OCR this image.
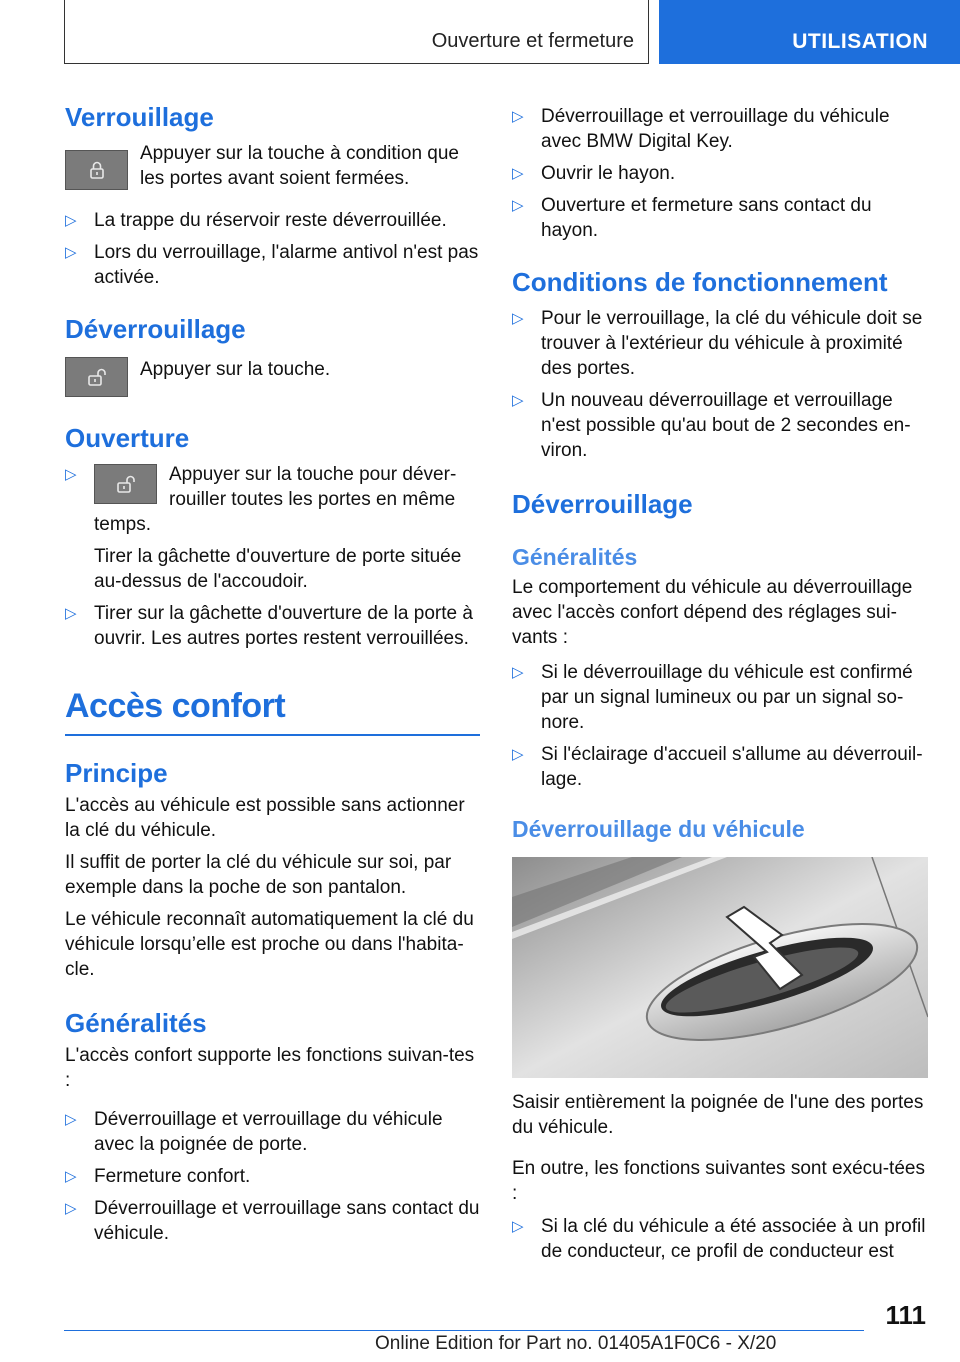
Ouverture et fermeture	UTILISATION
Verrouillage

Appuyer sur la touche à condition que les portes avant soient fermées.

▷ La trappe du réservoir reste déverrouillée.
▷ Lors du verrouillage, l'alarme antivol n'est pas activée.
Déverrouillage

Appuyer sur la touche.

Ouverture
▷	Appuyer sur la touche pour déver-rouiller toutes les portes en même temps.
Tirer la gâchette d'ouverture de porte située au-dessus de l'accoudoir.
▷ Tirer sur la gâchette d'ouverture de la porte à ouvrir. Les autres portes restent verrouillées.
Accès confort
Principe

L'accès au véhicule est possible sans actionner la clé du véhicule.

Il suffit de porter la clé du véhicule sur soi, par exemple dans la poche de son pantalon.

Le véhicule reconnaît automatiquement la clé du véhicule lorsqu’elle est proche ou dans l'habita-cle.

Généralités

L'accès confort supporte les fonctions suivan-tes :

▷ Déverrouillage et verrouillage du véhicule avec la poignée de porte.
▷ Fermeture confort.
▷ Déverrouillage et verrouillage sans contact du véhicule.
▷ Déverrouillage et verrouillage du véhicule avec BMW Digital Key.
▷ Ouvrir le hayon.
▷ Ouverture et fermeture sans contact du hayon.
Conditions de fonctionnement
▷ Pour le verrouillage, la clé du véhicule doit se trouver à l'extérieur du véhicule à proximité des portes.
▷ Un nouveau déverrouillage et verrouillage n'est possible qu'au bout de 2 secondes en-viron.
Déverrouillage
Généralités

Le comportement du véhicule au déverrouillage avec l'accès confort dépend des réglages sui-vants :

▷ Si le déverrouillage du véhicule est confirmé par un signal lumineux ou par un signal so-nore.
▷ Si l'éclairage d'accueil s'allume au déverrouil-lage.
Déverrouillage du véhicule

Saisir entièrement la poignée de l'une des portes du véhicule.

En outre, les fonctions suivantes sont exécu-tées :

▷ Si la clé du véhicule a été associée à un profil de conducteur, ce profil de conducteur est
111
Online Edition for Part no. 01405A1F0C6 - X/20
